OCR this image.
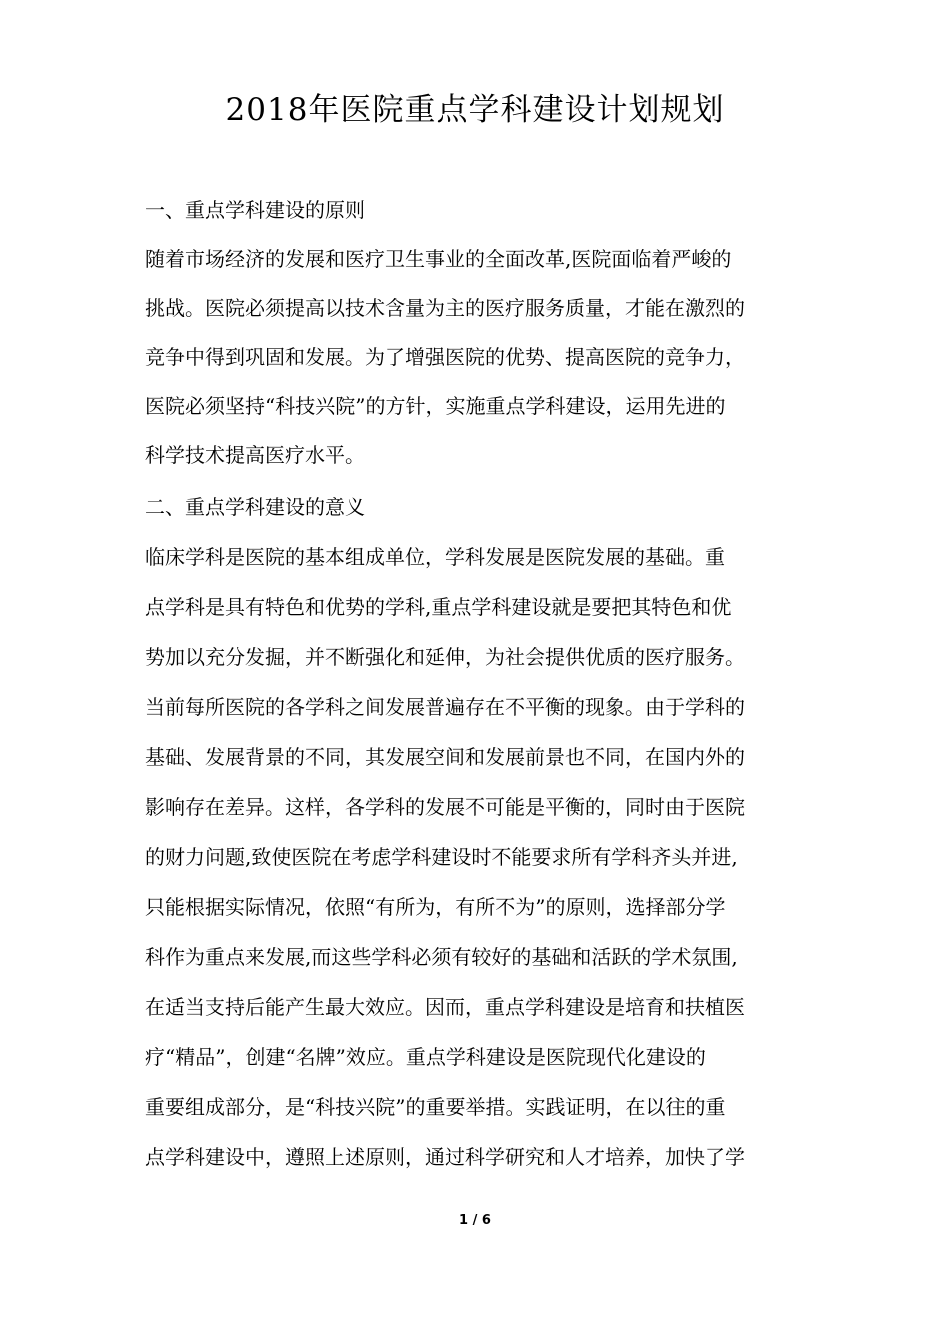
2018年医院重点学科建设计划规划
一、重点学科建设的原则
随着市场经济的发展和医疗卫生事业的全面改革,医院面临着严峻的
挑战。医院必须提高以技术含量为主的医疗服务质量，才能在激烈的
竞争中得到巩固和发展。为了增强医院的优势、提高医院的竞争力，
医院必须坚持“科技兴院”的方针，实施重点学科建设，运用先进的
科学技术提高医疗水平。
二、重点学科建设的意义
临床学科是医院的基本组成单位，学科发展是医院发展的基础。重
点学科是具有特色和优势的学科,重点学科建设就是要把其特色和优
势加以充分发掘，并不断强化和延伸，为社会提供优质的医疗服务。
当前每所医院的各学科之间发展普遍存在不平衡的现象。由于学科的
基础、发展背景的不同，其发展空间和发展前景也不同，在国内外的
影响存在差异。这样，各学科的发展不可能是平衡的，同时由于医院
的财力问题,致使医院在考虑学科建设时不能要求所有学科齐头并进,
只能根据实际情况，依照“有所为，有所不为”的原则，选择部分学
科作为重点来发展,而这些学科必须有较好的基础和活跃的学术氛围,
在适当支持后能产生最大效应。因而，重点学科建设是培育和扶植医
疗“精品”，创建“名牌”效应。重点学科建设是医院现代化建设的
重要组成部分，是“科技兴院”的重要举措。实践证明，在以往的重
点学科建设中，遵照上述原则，通过科学研究和人才培养，加快了学
1 / 6
